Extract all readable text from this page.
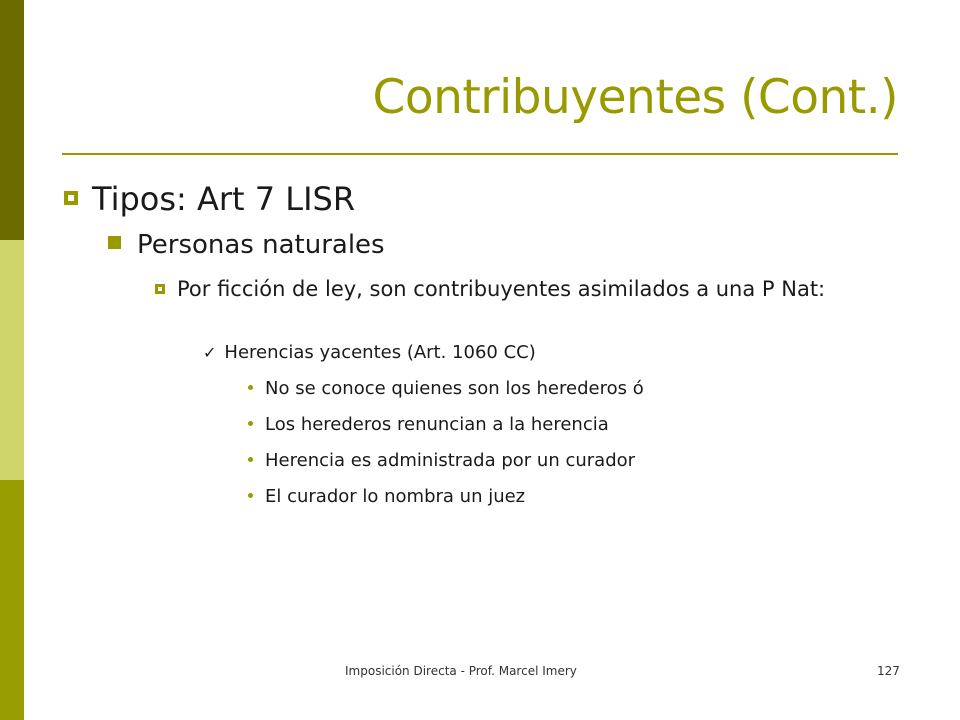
Contribuyentes (Cont.)
Tipos: Art 7 LISR
Personas naturales
Por ficción de ley, son contribuyentes asimilados a una P Nat:
✓ Herencias yacentes (Art. 1060 CC)
No se conoce quienes son los herederos ó
Los herederos renuncian a la herencia
Herencia es administrada por un curador
El curador lo nombra un juez
Imposición Directa - Prof. Marcel Imery	127
